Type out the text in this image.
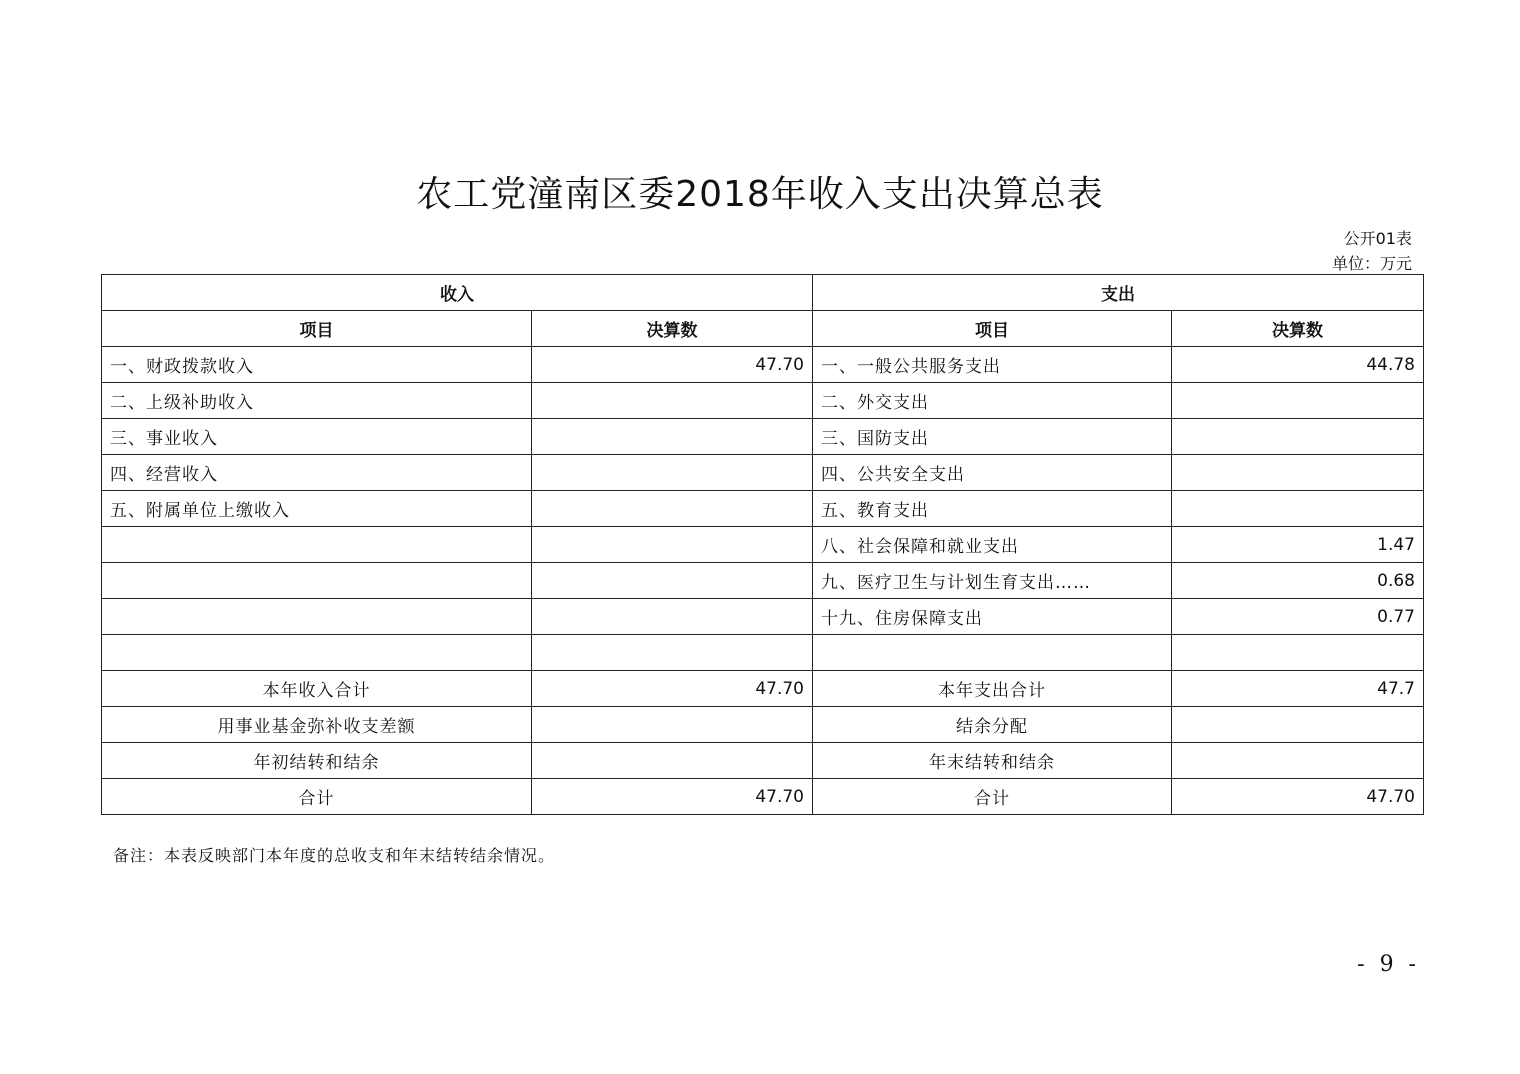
农工党潼南区委2018年收入支出决算总表
公开01表
单位：万元
收入		支出	
项目	决算数	项目	决算数
一、财政拨款收入	47.70	一、一般公共服务支出	44.78
二、上级补助收入		二、外交支出	
三、事业收入		三、国防支出	
四、经营收入		四、公共安全支出	
五、附属单位上缴收入		五、教育支出	
		八、社会保障和就业支出	1.47
		九、医疗卫生与计划生育支出……	0.68
		十九、住房保障支出	0.77

本年收入合计	47.70	本年支出合计	47.7
用事业基金弥补收支差额		结余分配	
年初结转和结余		年末结转和结余	
合计	47.70	合计	47.70
备注：本表反映部门本年度的总收支和年末结转结余情况。
- 9 -
